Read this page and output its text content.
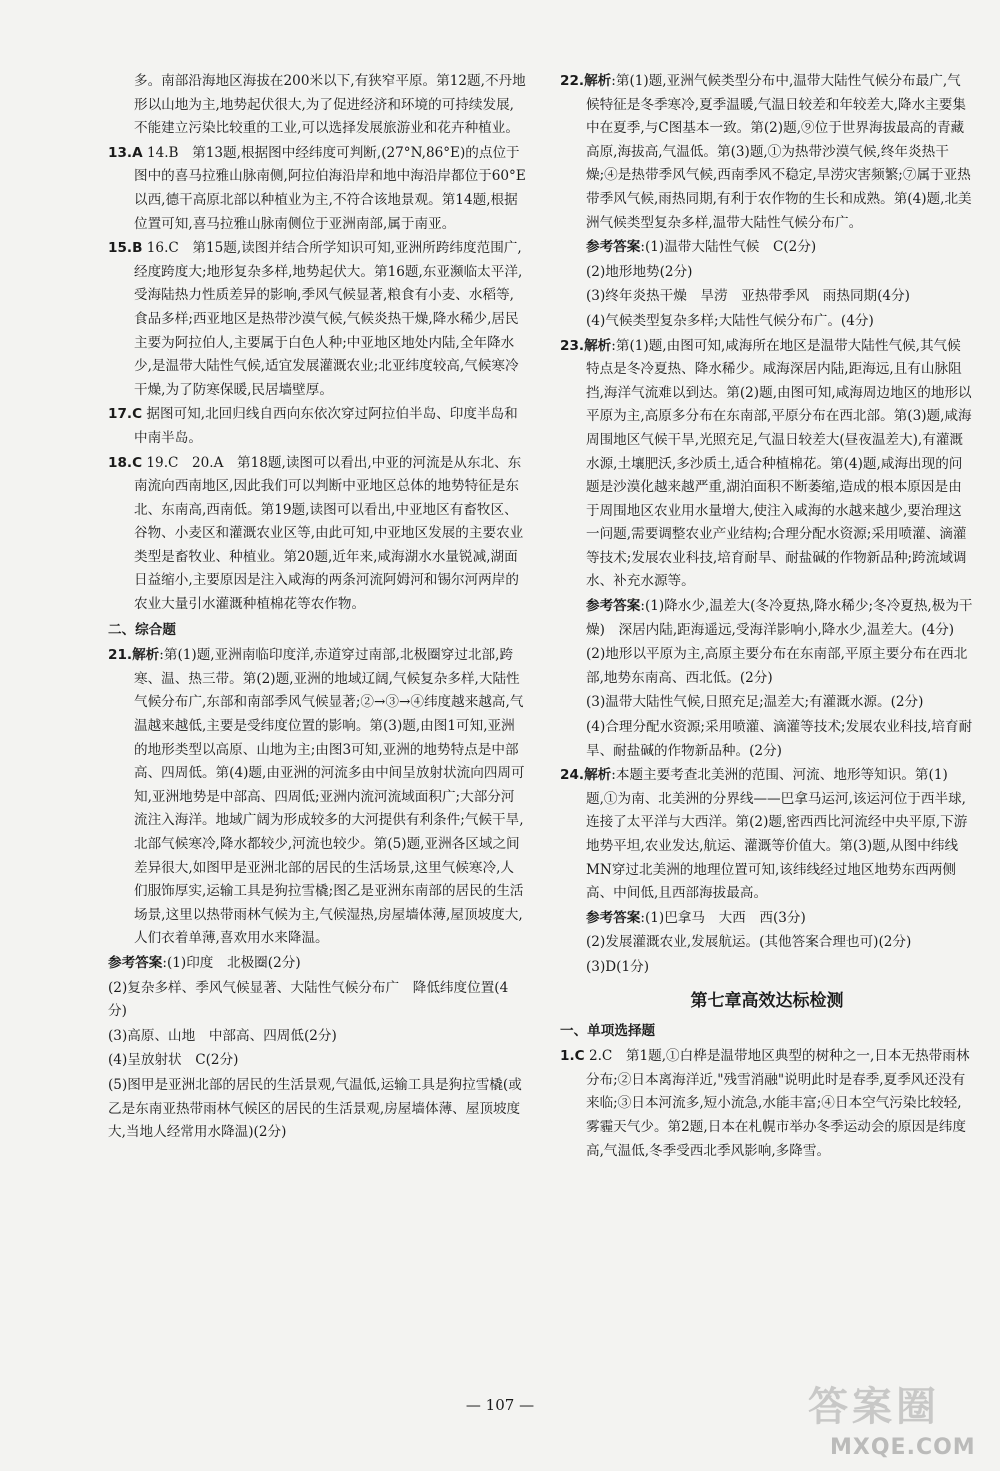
多。南部沿海地区海拔在200米以下,有狭窄平原。第12题,不丹地形以山地为主,地势起伏很大,为了促进经济和环境的可持续发展,不能建立污染比较重的工业,可以选择发展旅游业和花卉种植业。
13.A 14.B　第13题,根据图中经纬度可判断,(27°N,86°E)的点位于图中的喜马拉雅山脉南侧,阿拉伯海沿岸和地中海沿岸都位于60°E以西,德干高原北部以种植业为主,不符合该地景观。第14题,根据位置可知,喜马拉雅山脉南侧位于亚洲南部,属于南亚。
15.B 16.C　第15题,读图并结合所学知识可知,亚洲所跨纬度范围广,经度跨度大;地形复杂多样,地势起伏大。第16题,东亚濒临太平洋,受海陆热力性质差异的影响,季风气候显著,粮食有小麦、水稻等,食品多样;西亚地区是热带沙漠气候,气候炎热干燥,降水稀少,居民主要为阿拉伯人,主要属于白色人种;中亚地区地处内陆,全年降水少,是温带大陆性气候,适宜发展灌溉农业;北亚纬度较高,气候寒冷干燥,为了防寒保暖,民居墙壁厚。
17.C 据图可知,北回归线自西向东依次穿过阿拉伯半岛、印度半岛和中南半岛。
18.C 19.C　20.A　第18题,读图可以看出,中亚的河流是从东北、东南流向西南地区,因此我们可以判断中亚地区总体的地势特征是东北、东南高,西南低。第19题,读图可以看出,中亚地区有畜牧区、谷物、小麦区和灌溉农业区等,由此可知,中亚地区发展的主要农业类型是畜牧业、种植业。第20题,近年来,咸海湖水水量锐减,湖面日益缩小,主要原因是注入咸海的两条河流阿姆河和锡尔河两岸的农业大量引水灌溉种植棉花等农作物。
二、综合题
21.解析:第(1)题,亚洲南临印度洋,赤道穿过南部,北极圈穿过北部,跨寒、温、热三带。第(2)题,亚洲的地域辽阔,气候复杂多样,大陆性气候分布广,东部和南部季风气候显著;②→③→④纬度越来越高,气温越来越低,主要是受纬度位置的影响。第(3)题,由图1可知,亚洲的地形类型以高原、山地为主;由图3可知,亚洲的地势特点是中部高、四周低。第(4)题,由亚洲的河流多由中间呈放射状流向四周可知,亚洲地势是中部高、四周低;亚洲内流河流域面积广;大部分河流注入海洋。地域广阔为形成较多的大河提供有利条件;气候干旱,北部气候寒冷,降水都较少,河流也较少。第(5)题,亚洲各区域之间差异很大,如图甲是亚洲北部的居民的生活场景,这里气候寒冷,人们服饰厚实,运输工具是狗拉雪橇;图乙是亚洲东南部的居民的生活场景,这里以热带雨林气候为主,气候湿热,房屋墙体薄,屋顶坡度大,人们衣着单薄,喜欢用水来降温。
参考答案:(1)印度　北极圈(2分)
(2)复杂多样、季风气候显著、大陆性气候分布广　降低纬度位置(4分)
(3)高原、山地　中部高、四周低(2分)
(4)呈放射状　C(2分)
(5)图甲是亚洲北部的居民的生活景观,气温低,运输工具是狗拉雪橇(或乙是东南亚热带雨林气候区的居民的生活景观,房屋墙体薄、屋顶坡度大,当地人经常用水降温)(2分)
22.解析:第(1)题,亚洲气候类型分布中,温带大陆性气候分布最广,气候特征是冬季寒冷,夏季温暖,气温日较差和年较差大,降水主要集中在夏季,与C图基本一致。第(2)题,⑨位于世界海拔最高的青藏高原,海拔高,气温低。第(3)题,①为热带沙漠气候,终年炎热干燥;④是热带季风气候,西南季风不稳定,旱涝灾害频繁;⑦属于亚热带季风气候,雨热同期,有利于农作物的生长和成熟。第(4)题,北美洲气候类型复杂多样,温带大陆性气候分布广。
参考答案:(1)温带大陆性气候　C(2分)
(2)地形地势(2分)
(3)终年炎热干燥　旱涝　亚热带季风　雨热同期(4分)
(4)气候类型复杂多样;大陆性气候分布广。(4分)
23.解析:第(1)题,由图可知,咸海所在地区是温带大陆性气候,其气候特点是冬冷夏热、降水稀少。咸海深居内陆,距海远,且有山脉阻挡,海洋气流难以到达。第(2)题,由图可知,咸海周边地区的地形以平原为主,高原多分布在东南部,平原分布在西北部。第(3)题,咸海周围地区气候干旱,光照充足,气温日较差大(昼夜温差大),有灌溉水源,土壤肥沃,多沙质土,适合种植棉花。第(4)题,咸海出现的问题是沙漠化越来越严重,湖泊面积不断萎缩,造成的根本原因是由于周围地区农业用水量增大,使注入咸海的水越来越少,要治理这一问题,需要调整农业产业结构;合理分配水资源;采用喷灌、滴灌等技术;发展农业科技,培育耐旱、耐盐碱的作物新品种;跨流域调水、补充水源等。
参考答案:(1)降水少,温差大(冬冷夏热,降水稀少;冬冷夏热,极为干燥)　深居内陆,距海遥远,受海洋影响小,降水少,温差大。(4分)
(2)地形以平原为主,高原主要分布在东南部,平原主要分布在西北部,地势东南高、西北低。(2分)
(3)温带大陆性气候,日照充足;温差大;有灌溉水源。(2分)
(4)合理分配水资源;采用喷灌、滴灌等技术;发展农业科技,培育耐旱、耐盐碱的作物新品种。(2分)
24.解析:本题主要考查北美洲的范围、河流、地形等知识。第(1)题,①为南、北美洲的分界线——巴拿马运河,该运河位于西半球,连接了太平洋与大西洋。第(2)题,密西西比河流经中央平原,下游地势平坦,农业发达,航运、灌溉等价值大。第(3)题,从图中纬线MN穿过北美洲的地理位置可知,该纬线经过地区地势东西两侧高、中间低,且西部海拔最高。
参考答案:(1)巴拿马　大西　西(3分)
(2)发展灌溉农业,发展航运。(其他答案合理也可)(2分)
(3)D(1分)
第七章高效达标检测
一、单项选择题
1.C 2.C　第1题,①白桦是温带地区典型的树种之一,日本无热带雨林分布;②日本离海洋近,"残雪消融"说明此时是春季,夏季风还没有来临;③日本河流多,短小流急,水能丰富;④日本空气污染比较轻,雾霾天气少。第2题,日本在札幌市举办冬季运动会的原因是纬度高,气温低,冬季受西北季风影响,多降雪。
— 107 —	答案圈
MXQE.COM
